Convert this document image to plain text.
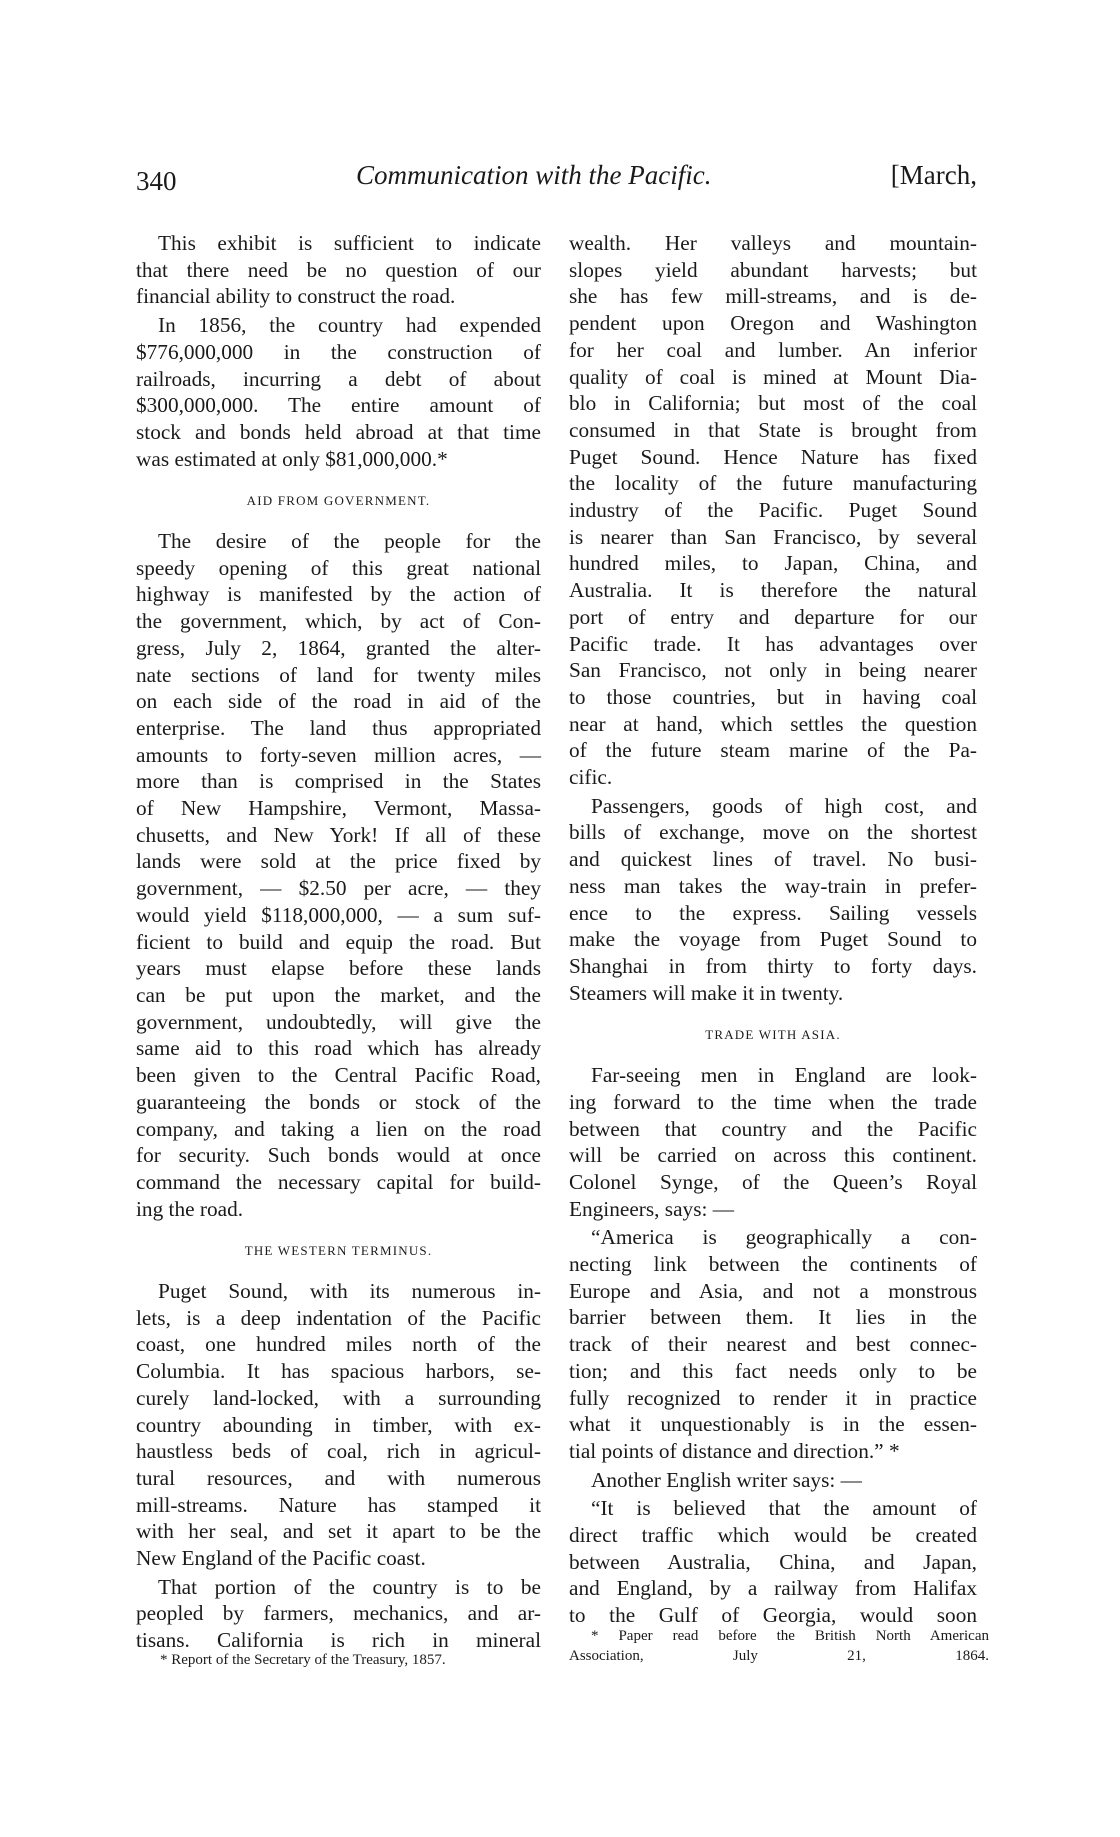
340	Communication with the Pacific.	[March,
This exhibit is sufficient to indicate
that there need be no question of our
financial ability to construct the road.
In 1856, the country had expended
$776,000,000 in the construction of
railroads, incurring a debt of about
$300,000,000. The entire amount of
stock and bonds held abroad at that time
was estimated at only $81,000,000.*
AID FROM GOVERNMENT.
The desire of the people for the
speedy opening of this great national
highway is manifested by the action of
the government, which, by act of Con-
gress, July 2, 1864, granted the alter-
nate sections of land for twenty miles
on each side of the road in aid of the
enterprise. The land thus appropriated
amounts to forty-seven million acres, —
more than is comprised in the States
of New Hampshire, Vermont, Massa-
chusetts, and New York! If all of these
lands were sold at the price fixed by
government, — $2.50 per acre, — they
would yield $118,000,000, — a sum suf-
ficient to build and equip the road. But
years must elapse before these lands
can be put upon the market, and the
government, undoubtedly, will give the
same aid to this road which has already
been given to the Central Pacific Road,
guaranteeing the bonds or stock of the
company, and taking a lien on the road
for security. Such bonds would at once
command the necessary capital for build-
ing the road.
THE WESTERN TERMINUS.
Puget Sound, with its numerous in-
lets, is a deep indentation of the Pacific
coast, one hundred miles north of the
Columbia. It has spacious harbors, se-
curely land-locked, with a surrounding
country abounding in timber, with ex-
haustless beds of coal, rich in agricul-
tural resources, and with numerous
mill-streams. Nature has stamped it
with her seal, and set it apart to be the
New England of the Pacific coast.
That portion of the country is to be
peopled by farmers, mechanics, and ar-
tisans. California is rich in mineral
wealth. Her valleys and mountain-
slopes yield abundant harvests; but
she has few mill-streams, and is de-
pendent upon Oregon and Washington
for her coal and lumber. An inferior
quality of coal is mined at Mount Dia-
blo in California; but most of the coal
consumed in that State is brought from
Puget Sound. Hence Nature has fixed
the locality of the future manufacturing
industry of the Pacific. Puget Sound
is nearer than San Francisco, by several
hundred miles, to Japan, China, and
Australia. It is therefore the natural
port of entry and departure for our
Pacific trade. It has advantages over
San Francisco, not only in being nearer
to those countries, but in having coal
near at hand, which settles the question
of the future steam marine of the Pa-
cific.
Passengers, goods of high cost, and
bills of exchange, move on the shortest
and quickest lines of travel. No busi-
ness man takes the way-train in prefer-
ence to the express. Sailing vessels
make the voyage from Puget Sound to
Shanghai in from thirty to forty days.
Steamers will make it in twenty.
TRADE WITH ASIA.
Far-seeing men in England are look-
ing forward to the time when the trade
between that country and the Pacific
will be carried on across this continent.
Colonel Synge, of the Queen’s Royal
Engineers, says: —
“America is geographically a con-
necting link between the continents of
Europe and Asia, and not a monstrous
barrier between them. It lies in the
track of their nearest and best connec-
tion; and this fact needs only to be
fully recognized to render it in practice
what it unquestionably is in the essen-
tial points of distance and direction.” *
Another English writer says: —
“It is believed that the amount of
direct traffic which would be created
between Australia, China, and Japan,
and England, by a railway from Halifax
to the Gulf of Georgia, would soon
* Report of the Secretary of the Treasury, 1857.
* Paper read before the British North American
Association, July 21, 1864.
